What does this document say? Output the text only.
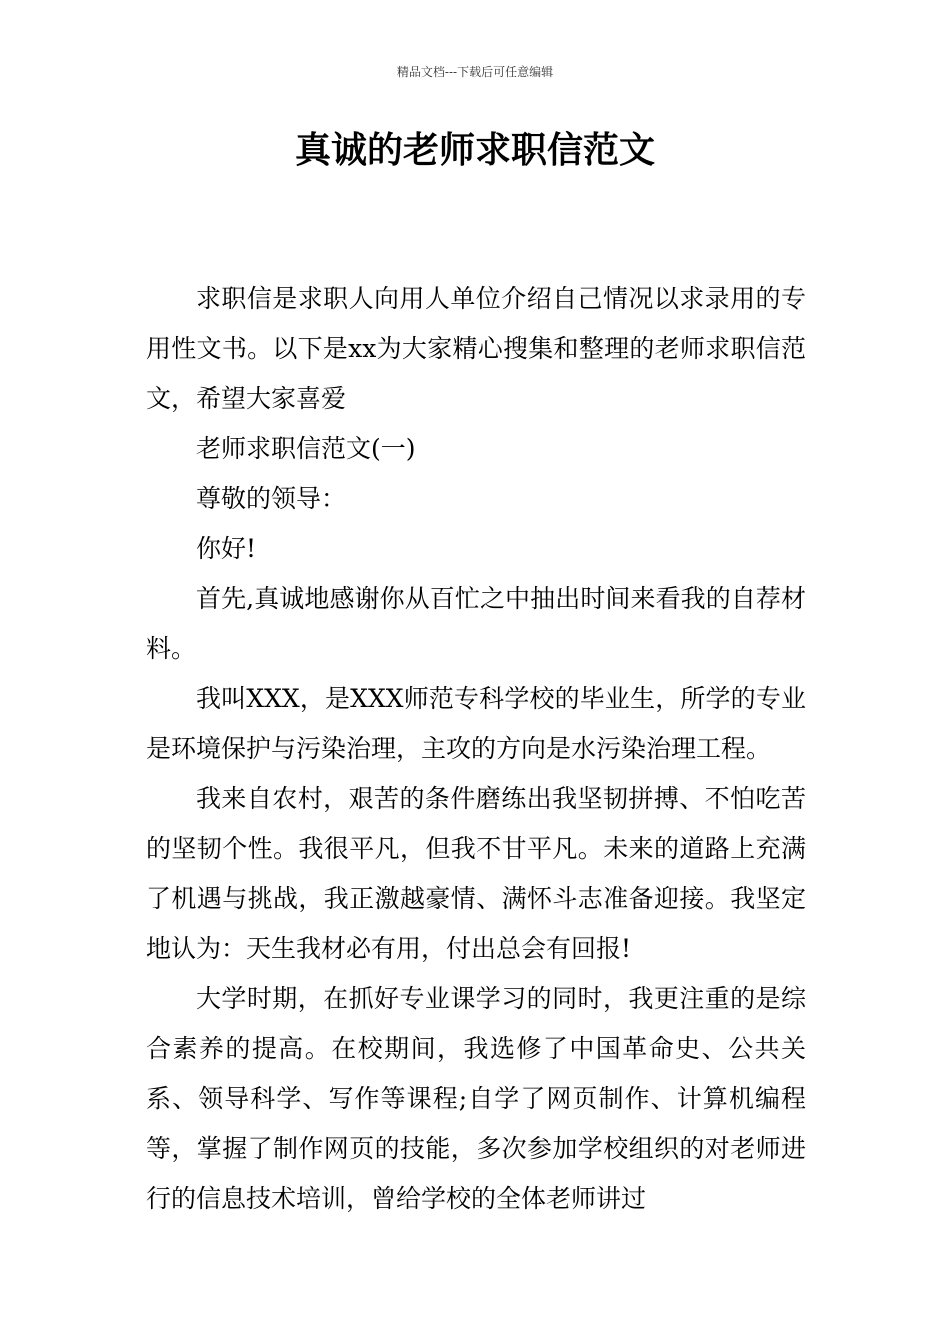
精品文档---下载后可任意编辑
真诚的老师求职信范文

求职信是求职人向用人单位介绍自己情况以求录用的专用性文书。以下是xx为大家精心搜集和整理的老师求职信范文，希望大家喜爱

老师求职信范文(一)

尊敬的领导：

你好!

首先,真诚地感谢你从百忙之中抽出时间来看我的自荐材料。

我叫XXX，是XXX师范专科学校的毕业生，所学的专业是环境保护与污染治理，主攻的方向是水污染治理工程。

我来自农村，艰苦的条件磨练出我坚韧拼搏、不怕吃苦的坚韧个性。我很平凡，但我不甘平凡。未来的道路上充满了机遇与挑战，我正激越豪情、满怀斗志准备迎接。我坚定地认为：天生我材必有用，付出总会有回报!

大学时期，在抓好专业课学习的同时，我更注重的是综合素养的提高。在校期间，我选修了中国革命史、公共关系、领导科学、写作等课程;自学了网页制作、计算机编程等，掌握了制作网页的技能，多次参加学校组织的对老师进行的信息技术培训，曾给学校的全体老师讲过
